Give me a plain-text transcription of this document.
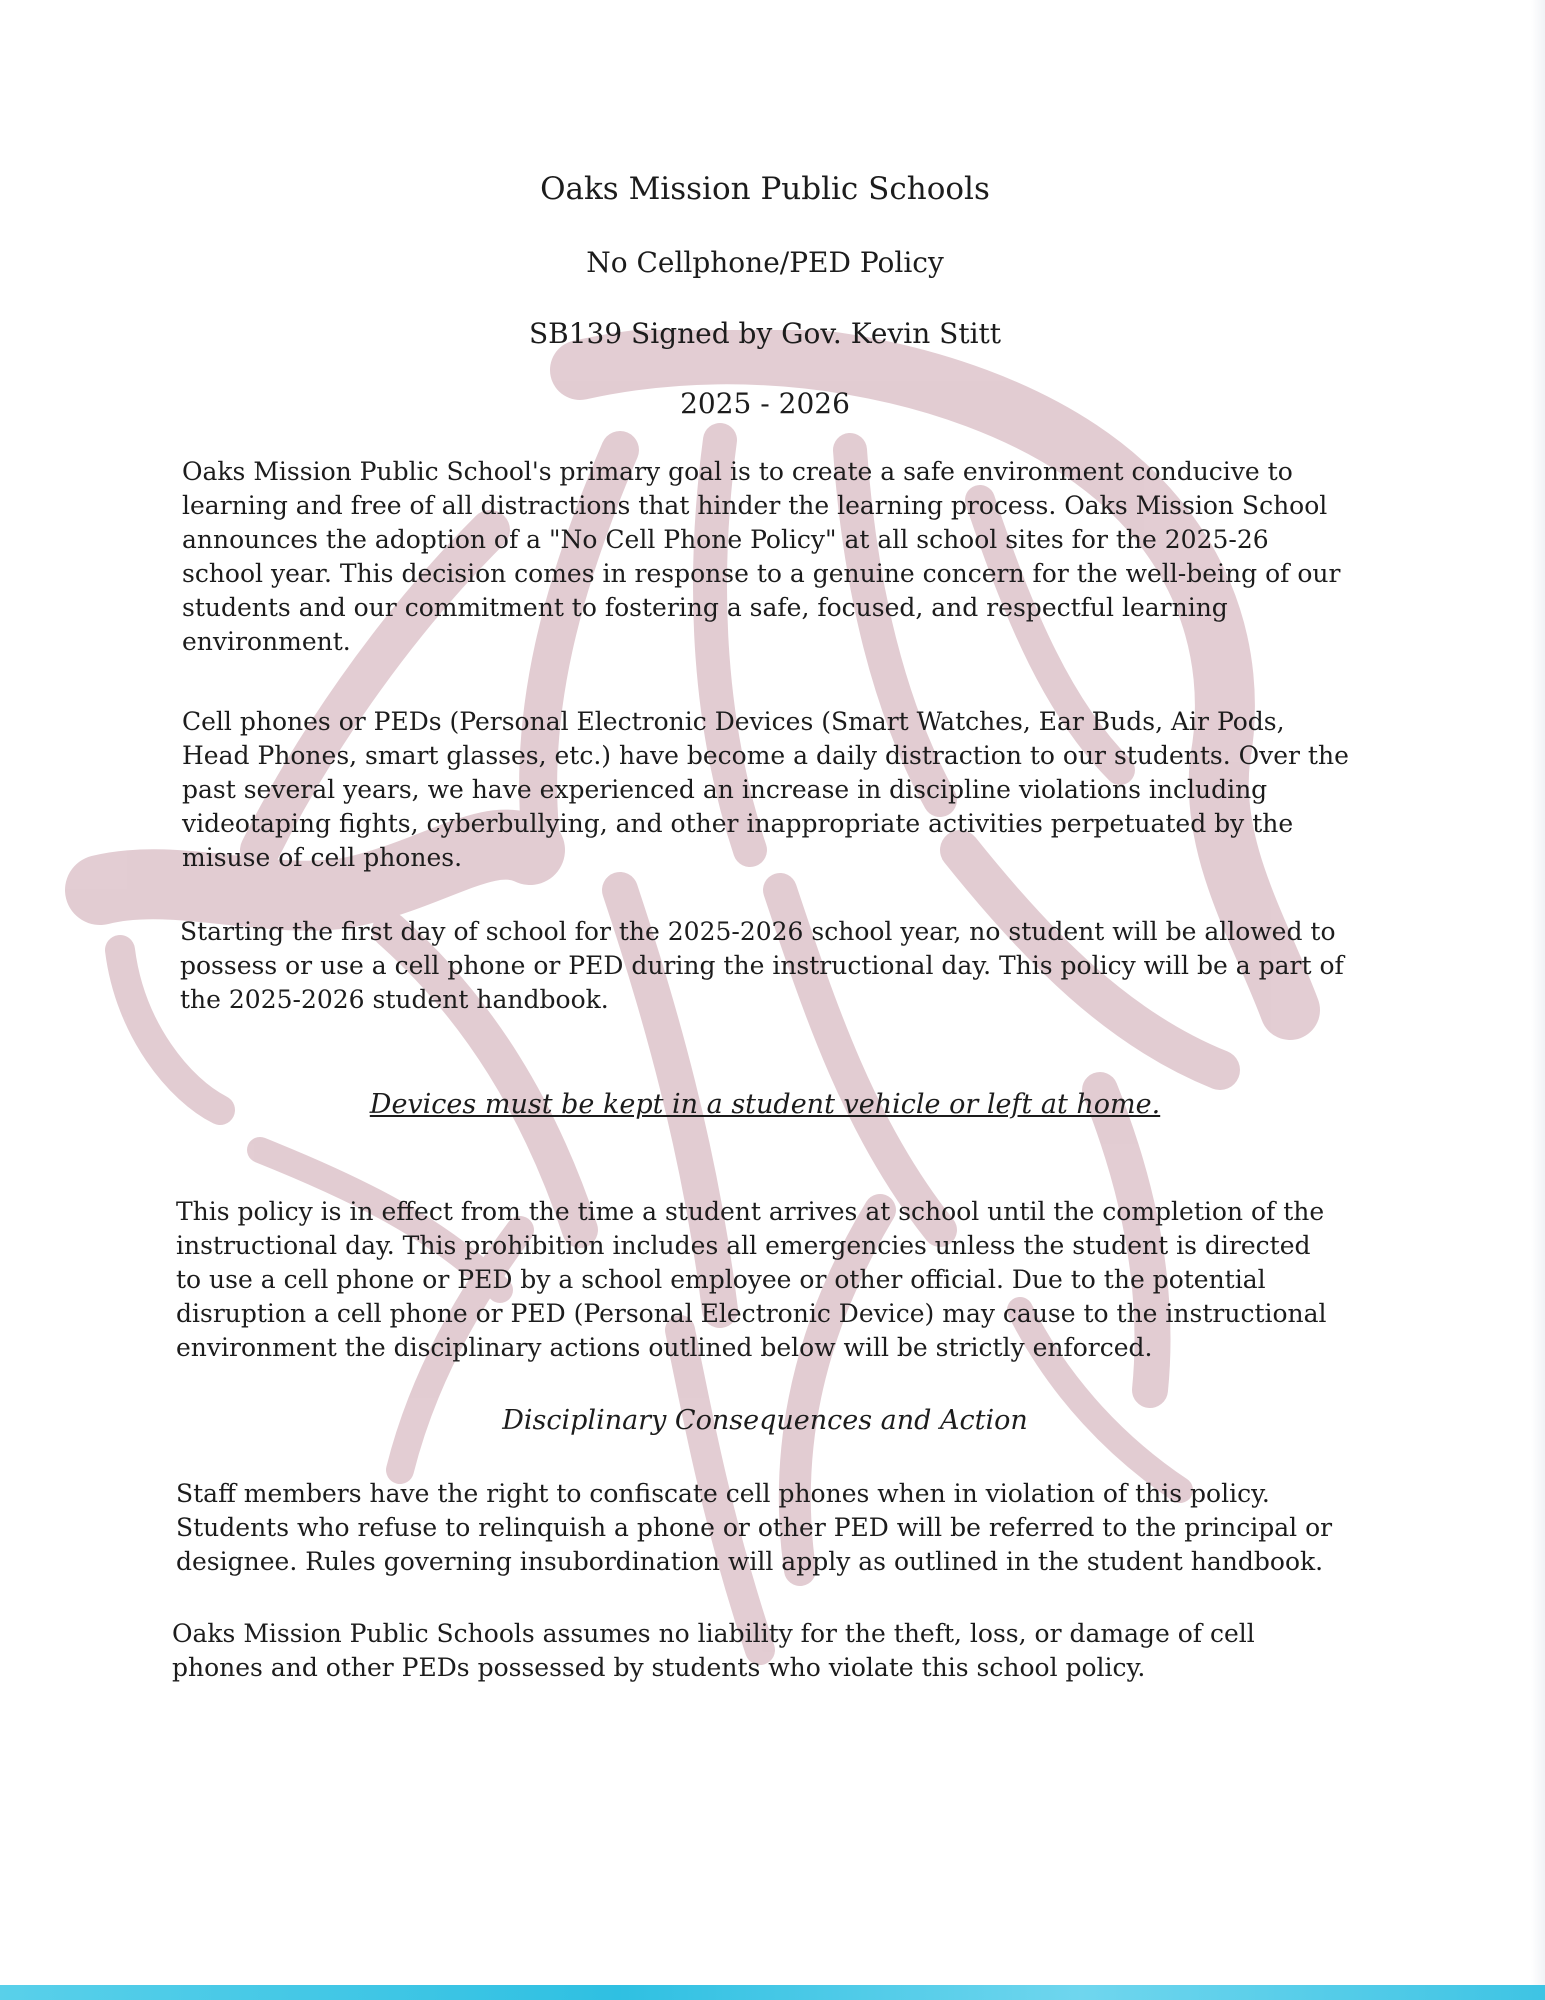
Oaks Mission Public Schools
No Cellphone/PED Policy
SB139 Signed by Gov. Kevin Stitt
2025 - 2026

Oaks Mission Public School's primary goal is to create a safe environment conducive to
learning and free of all distractions that hinder the learning process. Oaks Mission School
announces the adoption of a "No Cell Phone Policy" at all school sites for the 2025-26
school year. This decision comes in response to a genuine concern for the well-being of our
students and our commitment to fostering a safe, focused, and respectful learning
environment.

Cell phones or PEDs (Personal Electronic Devices (Smart Watches, Ear Buds, Air Pods,
Head Phones, smart glasses, etc.) have become a daily distraction to our students. Over the
past several years, we have experienced an increase in discipline violations including
videotaping fights, cyberbullying, and other inappropriate activities perpetuated by the
misuse of cell phones.

Starting the first day of school for the 2025-2026 school year, no student will be allowed to
possess or use a cell phone or PED during the instructional day. This policy will be a part of
the 2025-2026 student handbook.

Devices must be kept in a student vehicle or left at home.

This policy is in effect from the time a student arrives at school until the completion of the
instructional day. This prohibition includes all emergencies unless the student is directed
to use a cell phone or PED by a school employee or other official. Due to the potential
disruption a cell phone or PED (Personal Electronic Device) may cause to the instructional
environment the disciplinary actions outlined below will be strictly enforced.

Disciplinary Consequences and Action

Staff members have the right to confiscate cell phones when in violation of this policy.
Students who refuse to relinquish a phone or other PED will be referred to the principal or
designee. Rules governing insubordination will apply as outlined in the student handbook.

Oaks Mission Public Schools assumes no liability for the theft, loss, or damage of cell
phones and other PEDs possessed by students who violate this school policy.
